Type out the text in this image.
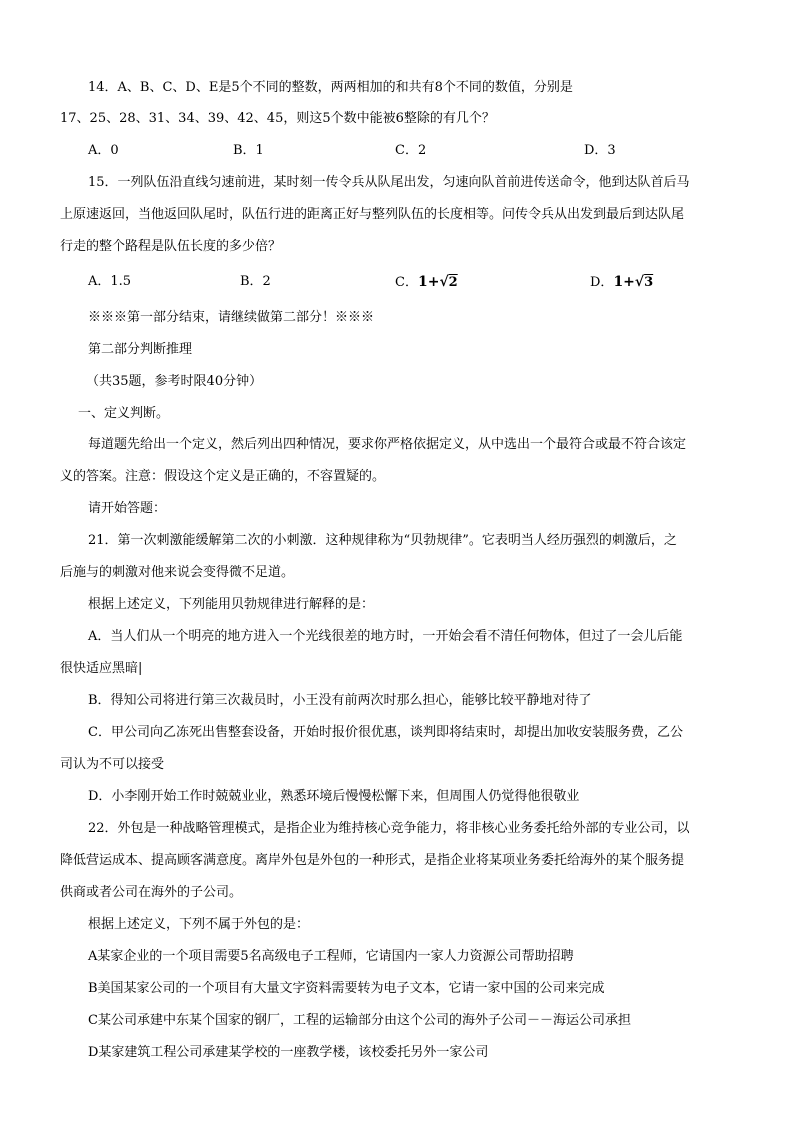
14．A、B、C、D、E是5个不同的整数，两两相加的和共有8个不同的数值，分别是
17、25、28、31、34、39、42、45，则这5个数中能被6整除的有几个？
A．0	B．1	C．2	D．3
15．一列队伍沿直线匀速前进，某时刻一传令兵从队尾出发，匀速向队首前进传送命令，他到达队首后马
上原速返回，当他返回队尾时，队伍行进的距离正好与整列队伍的长度相等。问传令兵从出发到最后到达队尾
行走的整个路程是队伍长度的多少倍？
A．1.5	B．2	C．1+√2	D．1+√3
※※※第一部分结束，请继续做第二部分！※※※
第二部分判断推理
（共35题，参考时限40分钟）
一、定义判断。
每道题先给出一个定义，然后列出四种情况，要求你严格依据定义，从中选出一个最符合或最不符合该定
义的答案。注意：假设这个定义是正确的，不容置疑的。
请开始答题：
21．第一次刺激能缓解第二次的小刺激．这种规律称为“贝勃规律”。它表明当人经历强烈的刺激后，之
后施与的刺激对他来说会变得微不足道。
根据上述定义，下列能用贝勃规律进行解释的是：
A．当人们从一个明亮的地方进入一个光线很差的地方时，一开始会看不清任何物体，但过了一会儿后能
很快适应黑暗|
B．得知公司将进行第三次裁员时，小王没有前两次时那么担心，能够比较平静地对待了
C．甲公司向乙冻死出售整套设备，开始时报价很优惠，谈判即将结束时，却提出加收安装服务费，乙公
司认为不可以接受
D．小李刚开始工作时兢兢业业，熟悉环境后慢慢松懈下来，但周围人仍觉得他很敬业
22．外包是一种战略管理模式，是指企业为维持核心竞争能力，将非核心业务委托给外部的专业公司，以
降低营运成本、提高顾客满意度。离岸外包是外包的一种形式，是指企业将某项业务委托给海外的某个服务提
供商或者公司在海外的子公司。
根据上述定义，下列不属于外包的是：
A某家企业的一个项目需要5名高级电子工程师，它请国内一家人力资源公司帮助招聘
B美国某家公司的一个项目有大量文字资料需要转为电子文本，它请一家中国的公司来完成
C某公司承建中东某个国家的钢厂，工程的运输部分由这个公司的海外子公司－－海运公司承担
D某家建筑工程公司承建某学校的一座教学楼，该校委托另外一家公司
